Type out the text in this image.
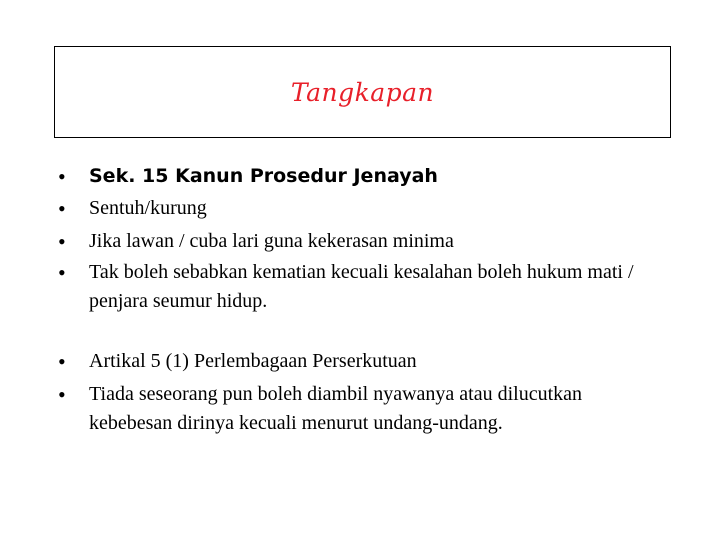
Tangkapan
•	Sek. 15 Kanun Prosedur Jenayah
•	Sentuh/kurung
•	Jika lawan / cuba lari guna kekerasan minima
•	Tak boleh sebabkan kematian kecuali kesalahan boleh hukum mati / penjara seumur hidup.
•	Artikal 5 (1) Perlembagaan Perserkutuan
•	Tiada seseorang pun boleh diambil nyawanya atau dilucutkan kebebesan dirinya kecuali menurut undang-undang.
